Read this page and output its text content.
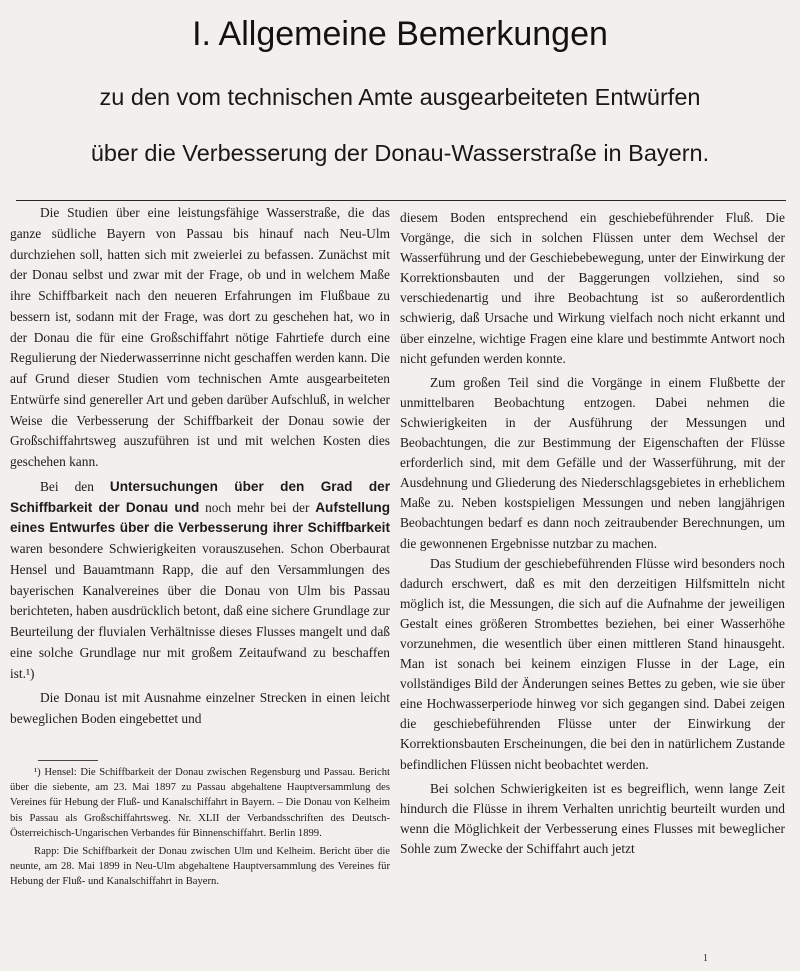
I. Allgemeine Bemerkungen

zu den vom technischen Amte ausgearbeiteten Entwürfen

über die Verbesserung der Donau-Wasserstraße in Bayern.

Die Studien über eine leistungsfähige Wasserstraße, die das ganze südliche Bayern von Passau bis hinauf nach Neu-Ulm durchziehen soll, hatten sich mit zweierlei zu befassen. Zunächst mit der Donau selbst und zwar mit der Frage, ob und in welchem Maße ihre Schiffbarkeit nach den neueren Erfahrungen im Flußbaue zu bessern ist, sodann mit der Frage, was dort zu geschehen hat, wo in der Donau die für eine Großschiffahrt nötige Fahrtiefe durch eine Regulierung der Niederwasserrinne nicht geschaffen werden kann. Die auf Grund dieser Studien vom technischen Amte ausgearbeiteten Entwürfe sind genereller Art und geben darüber Aufschluß, in welcher Weise die Verbesserung der Schiffbarkeit der Donau sowie der Großschiffahrtsweg auszuführen ist und mit welchen Kosten dies geschehen kann.

Bei den Untersuchungen über den Grad der Schiffbarkeit der Donau und noch mehr bei der Aufstellung eines Entwurfes über die Verbesserung ihrer Schiffbarkeit waren besondere Schwierigkeiten vorauszusehen. Schon Oberbaurat Hensel und Bauamtmann Rapp, die auf den Versammlungen des bayerischen Kanalvereines über die Donau von Ulm bis Passau berichteten, haben ausdrücklich betont, daß eine sichere Grundlage zur Beurteilung der fluvialen Verhältnisse dieses Flusses mangelt und daß eine solche Grundlage nur mit großem Zeitaufwand zu beschaffen ist.¹)

Die Donau ist mit Ausnahme einzelner Strecken in einen leicht beweglichen Boden eingebettet und

¹) Hensel: Die Schiffbarkeit der Donau zwischen Regensburg und Passau. Bericht über die siebente, am 23. Mai 1897 zu Passau abgehaltene Hauptversammlung des Vereines für Hebung der Fluß- und Kanalschiffahrt in Bayern. – Die Donau von Kelheim bis Passau als Großschiffahrtsweg. Nr. XLII der Verbandsschriften des Deutsch-Österreichisch-Ungarischen Verbandes für Binnenschiffahrt. Berlin 1899.

Rapp: Die Schiffbarkeit der Donau zwischen Ulm und Kelheim. Bericht über die neunte, am 28. Mai 1899 in Neu-Ulm abgehaltene Hauptversammlung des Vereines für Hebung der Fluß- und Kanalschiffahrt in Bayern.

diesem Boden entsprechend ein geschiebeführender Fluß. Die Vorgänge, die sich in solchen Flüssen unter dem Wechsel der Wasserführung und der Geschiebebewegung, unter der Einwirkung der Korrektionsbauten und der Baggerungen vollziehen, sind so verschiedenartig und ihre Beobachtung ist so außerordentlich schwierig, daß Ursache und Wirkung vielfach noch nicht erkannt und über einzelne, wichtige Fragen eine klare und bestimmte Antwort noch nicht gefunden werden konnte.

Zum großen Teil sind die Vorgänge in einem Flußbette der unmittelbaren Beobachtung entzogen. Dabei nehmen die Schwierigkeiten in der Ausführung der Messungen und Beobachtungen, die zur Bestimmung der Eigenschaften der Flüsse erforderlich sind, mit dem Gefälle und der Wasserführung, mit der Ausdehnung und Gliederung des Niederschlagsgebietes in erheblichem Maße zu. Neben kostspieligen Messungen und neben langjährigen Beobachtungen bedarf es dann noch zeitraubender Berechnungen, um die gewonnenen Ergebnisse nutzbar zu machen.

Das Studium der geschiebeführenden Flüsse wird besonders noch dadurch erschwert, daß es mit den derzeitigen Hilfsmitteln nicht möglich ist, die Messungen, die sich auf die Aufnahme der jeweiligen Gestalt eines größeren Strombettes beziehen, bei einer Wasserhöhe vorzunehmen, die wesentlich über einen mittleren Stand hinausgeht. Man ist sonach bei keinem einzigen Flusse in der Lage, ein vollständiges Bild der Änderungen seines Bettes zu geben, wie sie über eine Hochwasserperiode hinweg vor sich gegangen sind. Dabei zeigen die geschiebeführenden Flüsse unter der Einwirkung der Korrektionsbauten Erscheinungen, die bei den in natürlichem Zustande befindlichen Flüssen nicht beobachtet werden.

Bei solchen Schwierigkeiten ist es begreiflich, wenn lange Zeit hindurch die Flüsse in ihrem Verhalten unrichtig beurteilt wurden und wenn die Möglichkeit der Verbesserung eines Flusses mit beweglicher Sohle zum Zwecke der Schiffahrt auch jetzt

1
